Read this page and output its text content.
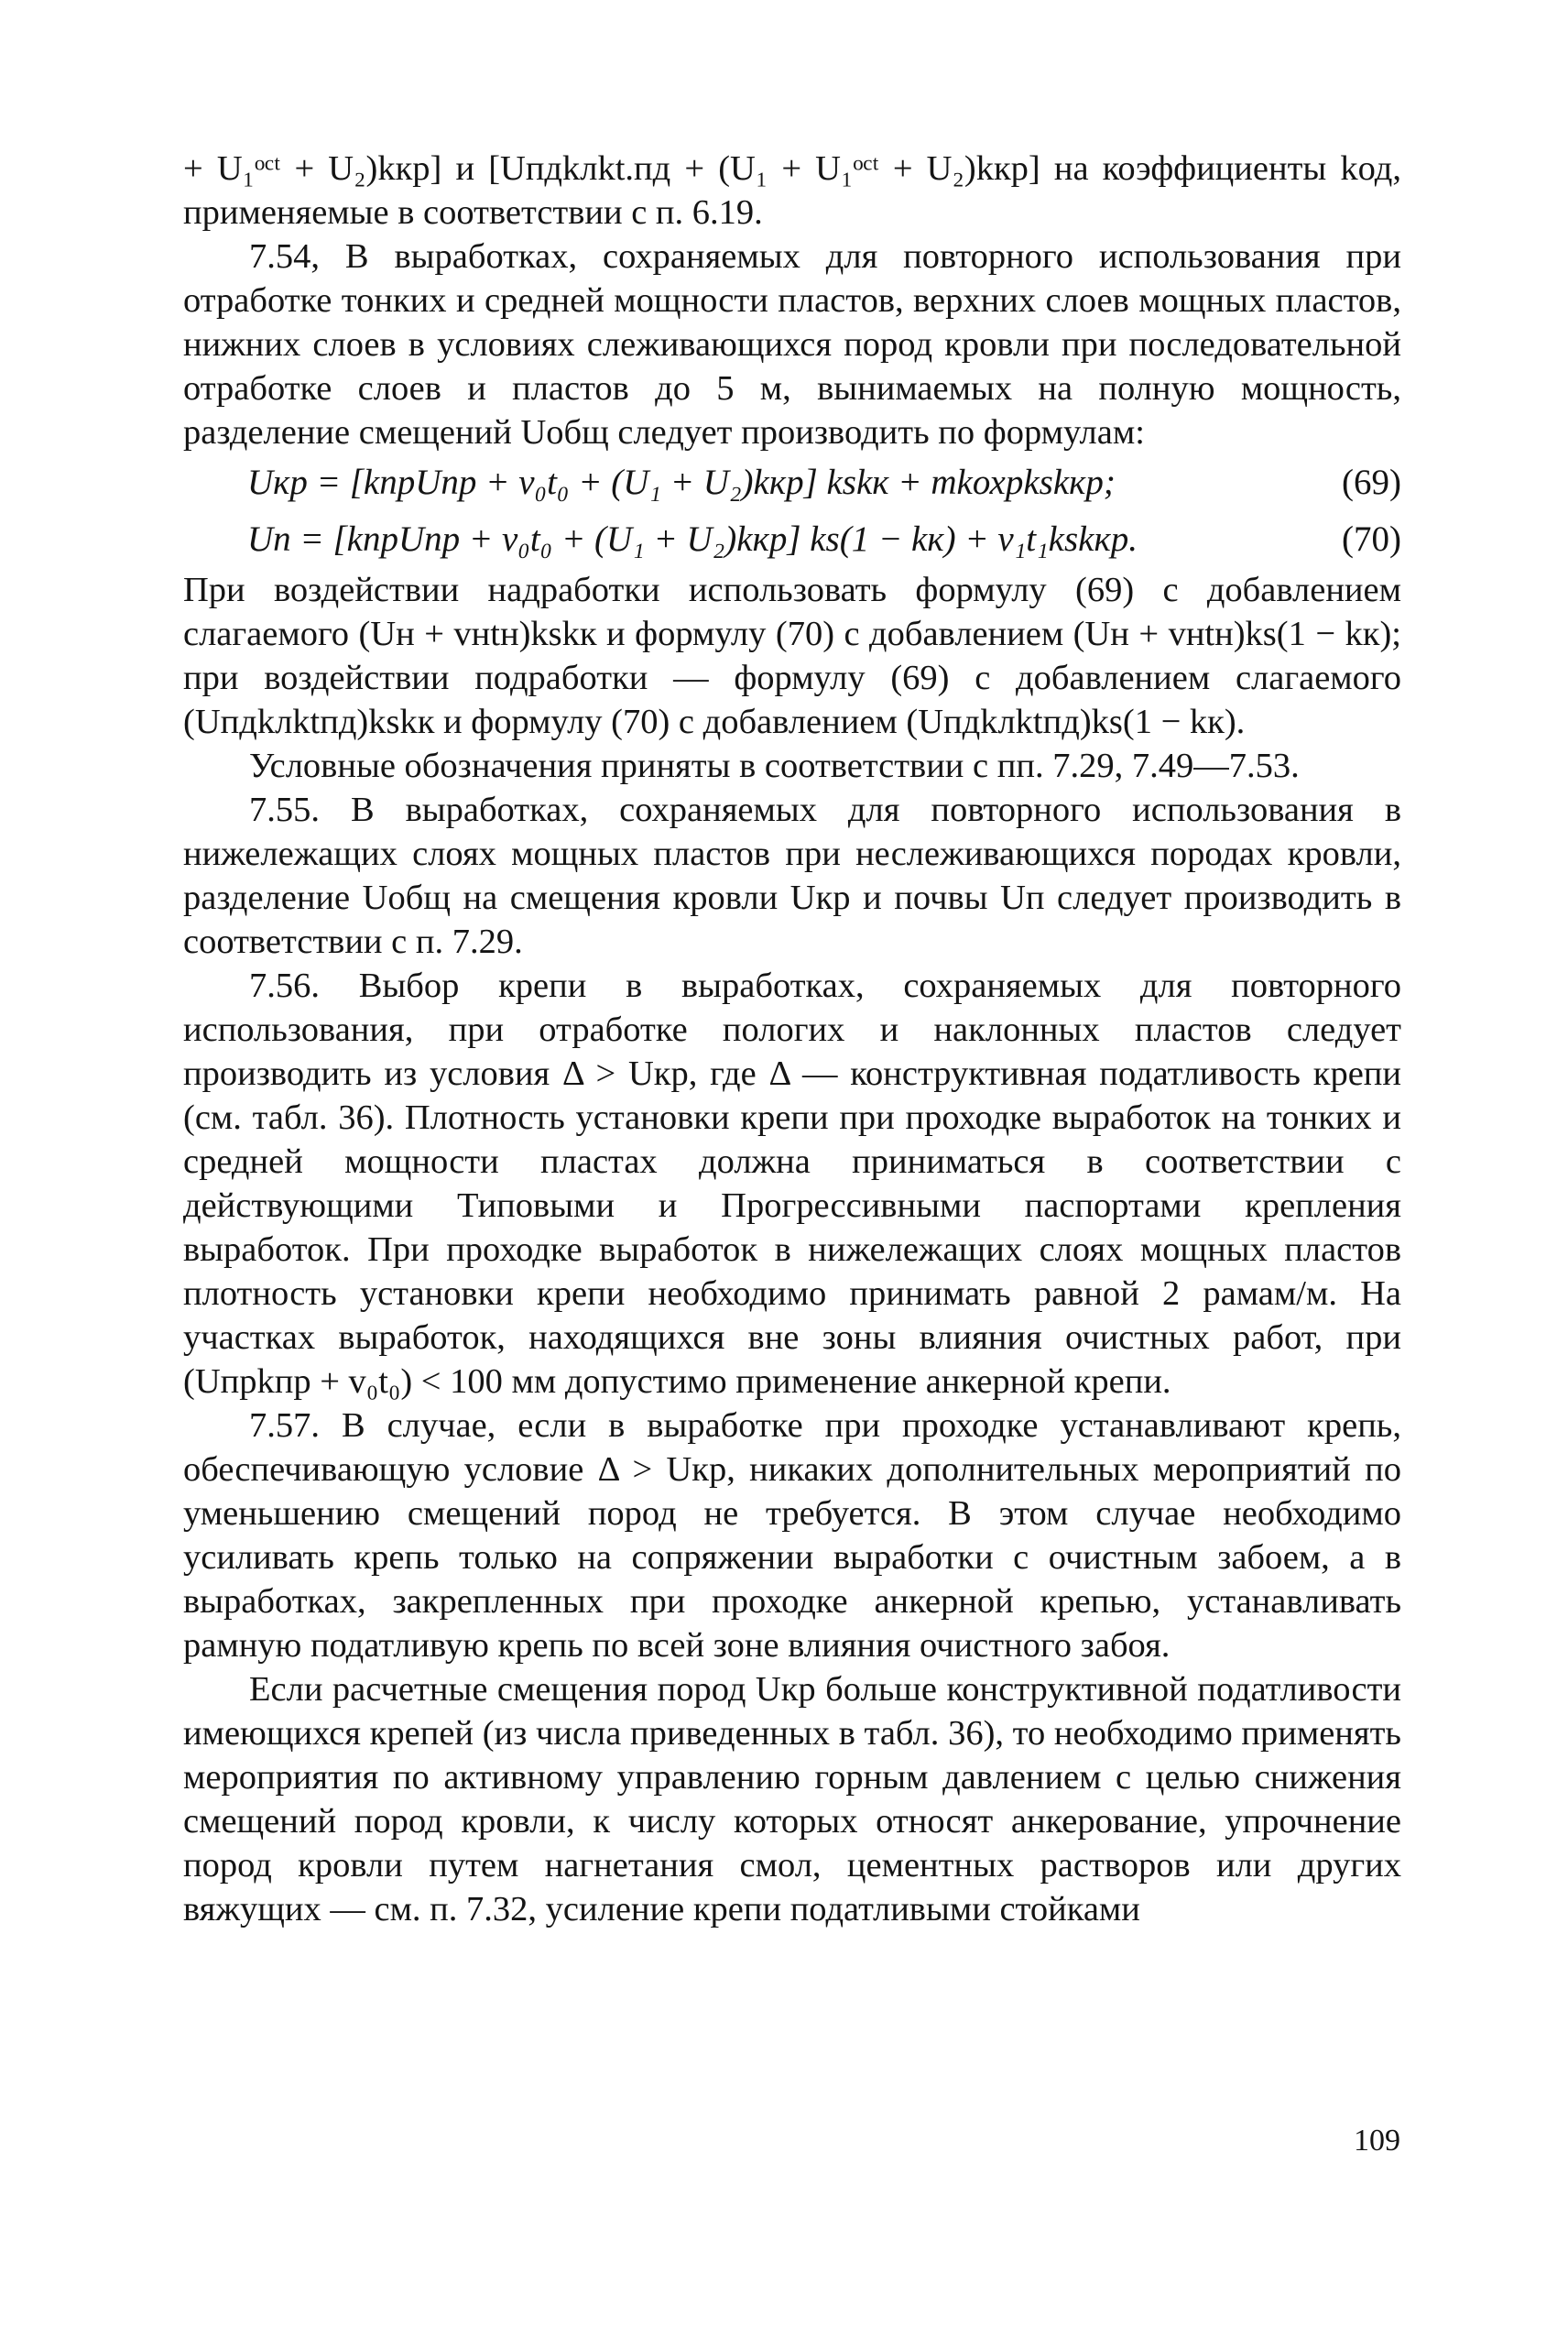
+ U₁ᵒᶜᵗ + U₂)kкр] и [Uпдkлkt.пд + (U₁ + U₁ᵒᶜᵗ + U₂)kкр] на коэффициенты kод, применяемые в соответствии с п. 6.19.

7.54, В выработках, сохраняемых для повторного использования при отработке тонких и средней мощности пластов, верхних слоев мощных пластов, нижних слоев в условиях слеживающихся пород кровли при последовательной отработке слоев и пластов до 5 м, вынимаемых на полную мощность, разделение смещений Uобщ следует производить по формулам:

Uкр = [kпрUпр + v₀t₀ + (U₁ + U₂)kкр] kskк + mkохрkskкр;	(69)
Uп = [kпрUпр + v₀t₀ + (U₁ + U₂)kкр] ks(1 − kк) + v₁t₁kskкр.	(70)

При воздействии надработки использовать формулу (69) с добавлением слагаемого (Uн + vнtн)kskк и формулу (70) с добавлением (Uн + vнtн)ks(1 − kк); при воздействии подработки — формулу (69) с добавлением слагаемого (Uпдkлktпд)kskк и формулу (70) с добавлением (Uпдkлktпд)ks(1 − kк).

Условные обозначения приняты в соответствии с пп. 7.29, 7.49—7.53.

7.55. В выработках, сохраняемых для повторного использования в нижележащих слоях мощных пластов при неслеживающихся породах кровли, разделение Uобщ на смещения кровли Uкр и почвы Uп следует производить в соответствии с п. 7.29.

7.56. Выбор крепи в выработках, сохраняемых для повторного использования, при отработке пологих и наклонных пластов следует производить из условия Δ > Uкр, где Δ — конструктивная податливость крепи (см. табл. 36). Плотность установки крепи при проходке выработок на тонких и средней мощности пластах должна приниматься в соответствии с действующими Типовыми и Прогрессивными паспортами крепления выработок. При проходке выработок в нижележащих слоях мощных пластов плотность установки крепи необходимо принимать равной 2 рамам/м. На участках выработок, находящихся вне зоны влияния очистных работ, при (Uпрkпр + v₀t₀) < 100 мм допустимо применение анкерной крепи.

7.57. В случае, если в выработке при проходке устанавливают крепь, обеспечивающую условие Δ > Uкр, никаких дополнительных мероприятий по уменьшению смещений пород не требуется. В этом случае необходимо усиливать крепь только на сопряжении выработки с очистным забоем, а в выработках, закрепленных при проходке анкерной крепью, устанавливать рамную податливую крепь по всей зоне влияния очистного забоя.

Если расчетные смещения пород Uкр больше конструктивной податливости имеющихся крепей (из числа приведенных в табл. 36), то необходимо применять мероприятия по активному управлению горным давлением с целью снижения смещений пород кровли, к числу которых относят анкерование, упрочнение пород кровли путем нагнетания смол, цементных растворов или других вяжущих — см. п. 7.32, усиление крепи податливыми стойками

109
